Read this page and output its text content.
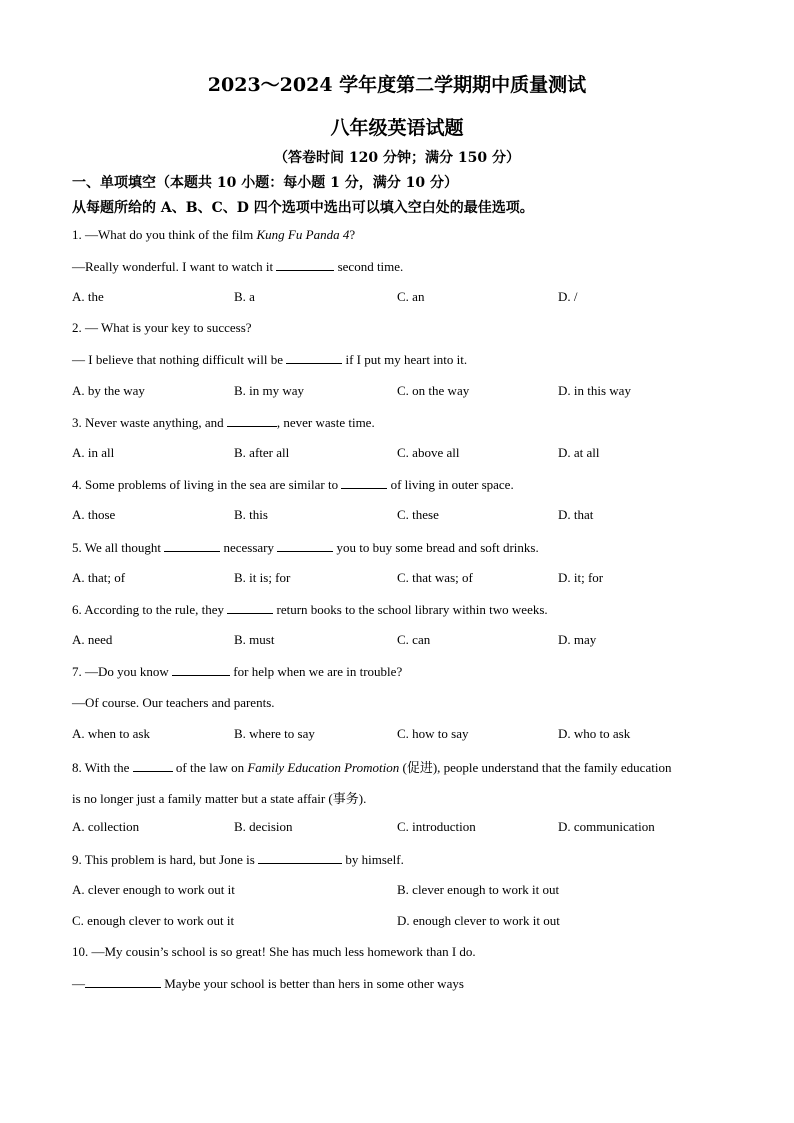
2023～2024 学年度第二学期期中质量测试
八年级英语试题
（答卷时间 120 分钟；满分 150 分）
一、单项填空（本题共 10 小题：每小题 1 分，满分 10 分）
从每题所给的 A、B、C、D 四个选项中选出可以填入空白处的最佳选项。
1. —What do you think of the film Kung Fu Panda 4?
—Really wonderful. I want to watch it	second time.
A. the	B. a	C. an	D. /
2. — What is your key to success?
— I believe that nothing difficult will be	if I put my heart into it.
A. by the way	B. in my way	C. on the way	D. in this way
3. Never waste anything, and	, never waste time.
A. in all	B. after all	C. above all	D. at all
4. Some problems of living in the sea are similar to	of living in outer space.
A. those	B. this	C. these	D. that
5. We all thought	necessary	you to buy some bread and soft drinks.
A. that; of	B. it is; for	C. that was; of	D. it; for
6. According to the rule, they	return books to the school library within two weeks.
A. need	B. must	C. can	D. may
7. —Do you know	for help when we are in trouble?
—Of course. Our teachers and parents.
A. when to ask	B. where to say	C. how to say	D. who to ask
8. With the	of the law on Family Education Promotion (促进), people understand that the family education
is no longer just a family matter but a state affair (事务).
A. collection	B. decision	C. introduction	D. communication
9. This problem is hard, but Jone is	by himself.
A. clever enough to work out it	B. clever enough to work it out
C. enough clever to work out it	D. enough clever to work it out
10. —My cousin’s school is so great! She has much less homework than I do.
—	Maybe your school is better than hers in some other ways
